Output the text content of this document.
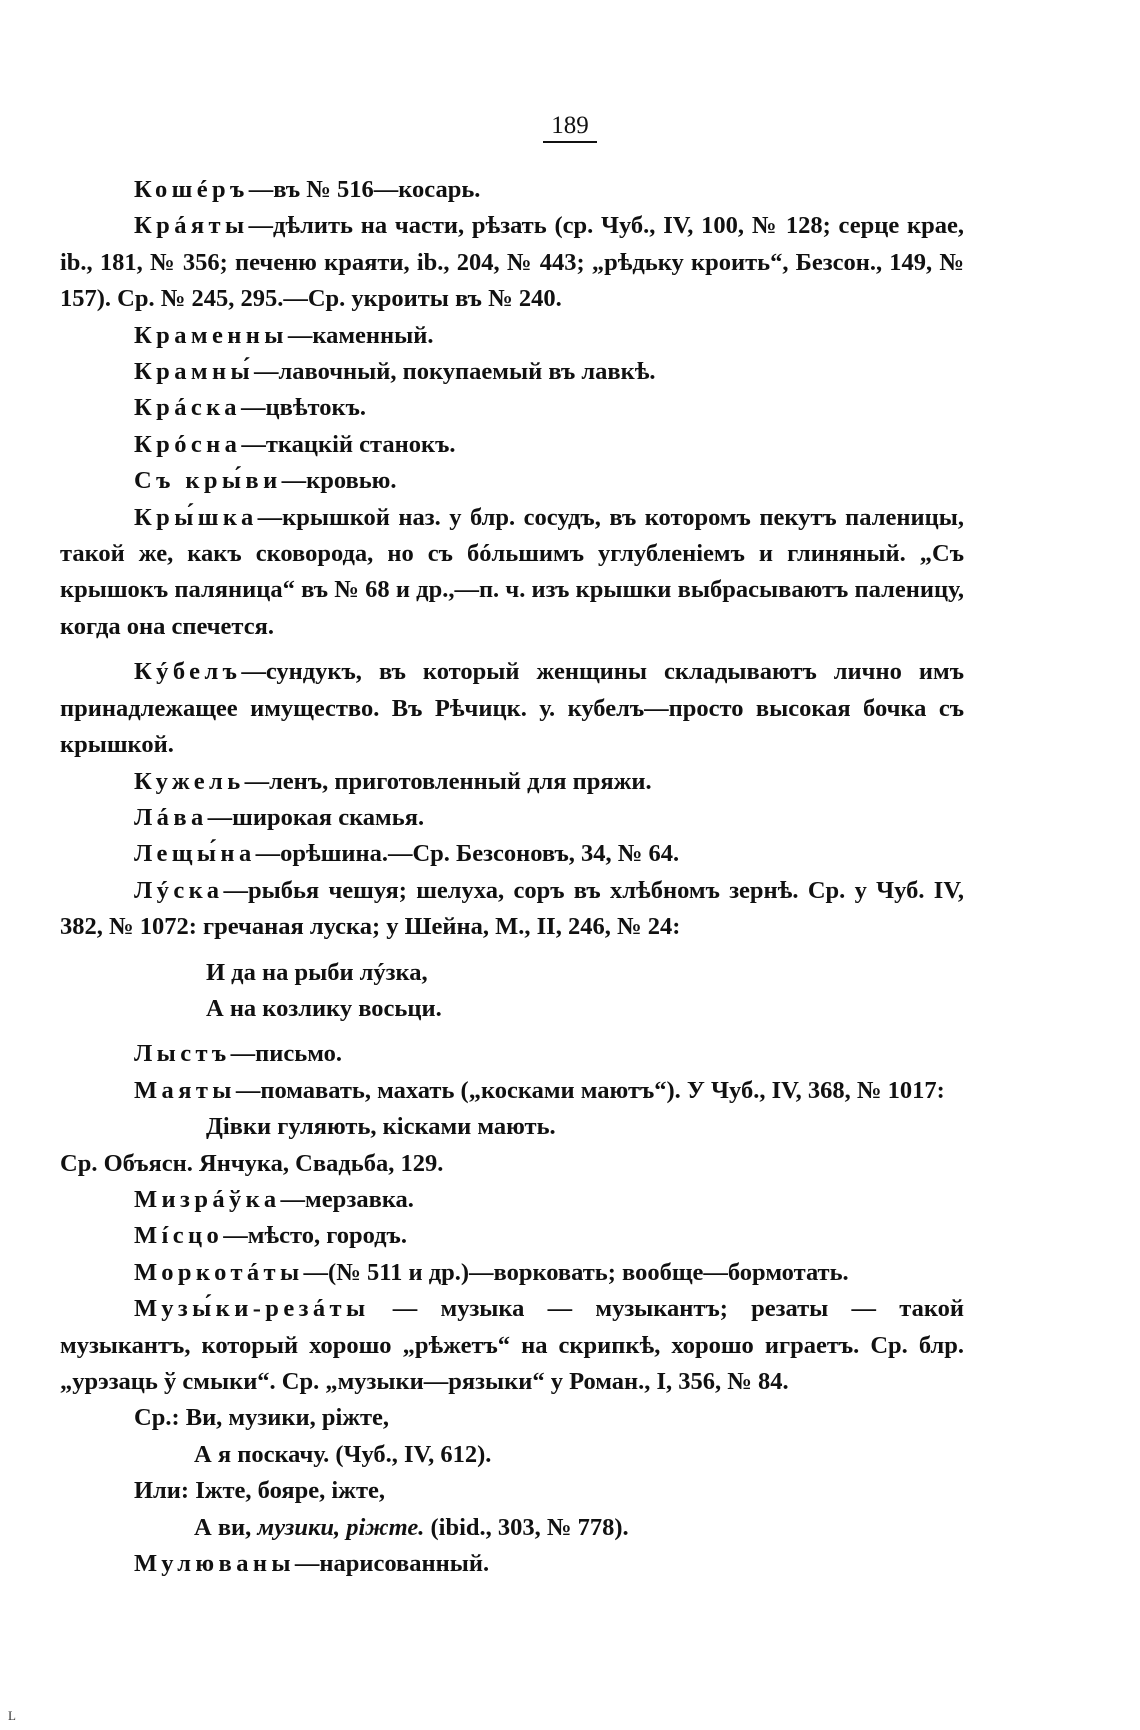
189

Кошéръ—въ № 516—косарь.

Крáяты—дѣлить на части, рѣзать (ср. Чуб., IV, 100, № 128; серце крае, ib., 181, № 356; печеню краяти, ib., 204, № 443; „рѣдьку кроить“, Безсон., 149, № 157). Ср. № 245, 295.—Ср. укроиты въ № 240.

Краменны—каменный.

Крамны́—лавочный, покупаемый въ лавкѣ.

Крáска—цвѣтокъ.

Крóсна—ткацкій станокъ.

Съ кры́ви—кровью.

Кры́шка—крышкой наз. у блр. сосудъ, въ которомъ пекутъ паленицы, такой же, какъ сковорода, но съ бóльшимъ углубленіемъ и глиняный. „Съ крышокъ паляница“ въ № 68 и др.,—п. ч. изъ крышки выбрасываютъ паленицу, когда она спечется.

Кýбелъ—сундукъ, въ который женщины складываютъ лично имъ принадлежащее имущество. Въ Рѣчицк. у. кубелъ—просто высокая бочка съ крышкой.

Кужель—ленъ, приготовленный для пряжи.

Лáва—широкая скамья.

Лещы́на—орѣшина.—Ср. Безсоновъ, 34, № 64.

Лýска—рыбья чешуя; шелуха, соръ въ хлѣбномъ зернѣ. Ср. у Чуб. IV, 382, № 1072: гречаная луска; у Шейна, М., II, 246, № 24:

И да на рыби лýзка,

А на козлику восьци.

Лыстъ—письмо.

Маяты—помавать, махать („косками маютъ“). У Чуб., IV, 368, № 1017:

Дівки гуляють, кісками мають.

Ср. Объясн. Янчука, Свадьба, 129.

Мизрáўка—мерзавка.

Мíсцо—мѣсто, городъ.

Моркотáты—(№ 511 и др.)—ворковать; вообще—бормотать.

Музы́ки-резáты — музыка — музыкантъ; резаты — такой музыкантъ, который хорошо „рѣжетъ“ на скрипкѣ, хорошо играетъ. Ср. блр. „урэзаць ў смыки“. Ср. „музыки—рязыки“ у Роман., I, 356, № 84.

Ср.: Ви, музики, ріжте,

А я поскачу. (Чуб., IV, 612).

Или: Іжте, бояре, іжте,

А ви, музики, ріжте. (ibid., 303, № 778).

Мулюваны—нарисованный.

L
